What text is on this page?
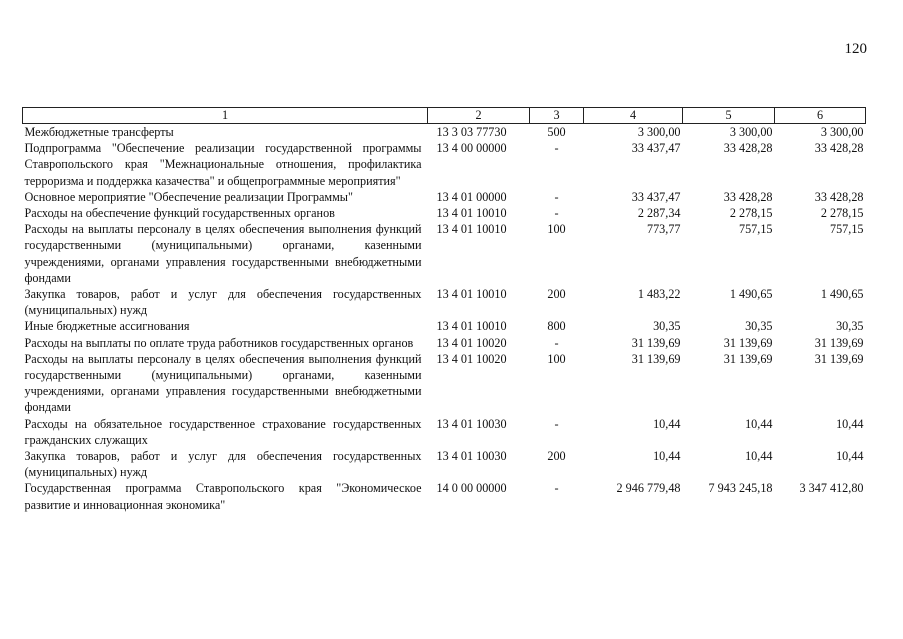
120
1	2	3	4	5	6
Межбюджетные трансферты	13 3 03 77730	500	3 300,00	3 300,00	3 300,00
Подпрограмма "Обеспечение реализации государственной программы Ставропольского края "Межнациональные отношения, профилактика терроризма и поддержка казачества" и общепрограммные мероприятия"	13 4 00 00000	-	33 437,47	33 428,28	33 428,28
Основное мероприятие "Обеспечение реализации Программы"	13 4 01 00000	-	33 437,47	33 428,28	33 428,28
Расходы на обеспечение функций государственных органов	13 4 01 10010	-	2 287,34	2 278,15	2 278,15
Расходы на выплаты персоналу в целях обеспечения выполнения функций государственными (муниципальными) органами, казенными учреждениями, органами управления государственными внебюджетными фондами	13 4 01 10010	100	773,77	757,15	757,15
Закупка товаров, работ и услуг для обеспечения государственных (муниципальных) нужд	13 4 01 10010	200	1 483,22	1 490,65	1 490,65
Иные бюджетные ассигнования	13 4 01 10010	800	30,35	30,35	30,35
Расходы на выплаты по оплате труда работников государственных органов	13 4 01 10020	-	31 139,69	31 139,69	31 139,69
Расходы на выплаты персоналу в целях обеспечения выполнения функций государственными (муниципальными) органами, казенными учреждениями, органами управления государственными внебюджетными фондами	13 4 01 10020	100	31 139,69	31 139,69	31 139,69
Расходы на обязательное государственное страхование государственных гражданских служащих	13 4 01 10030	-	10,44	10,44	10,44
Закупка товаров, работ и услуг для обеспечения государственных (муниципальных) нужд	13 4 01 10030	200	10,44	10,44	10,44
Государственная программа Ставропольского края "Экономическое развитие и инновационная экономика"	14 0 00 00000	-	2 946 779,48	7 943 245,18	3 347 412,80
